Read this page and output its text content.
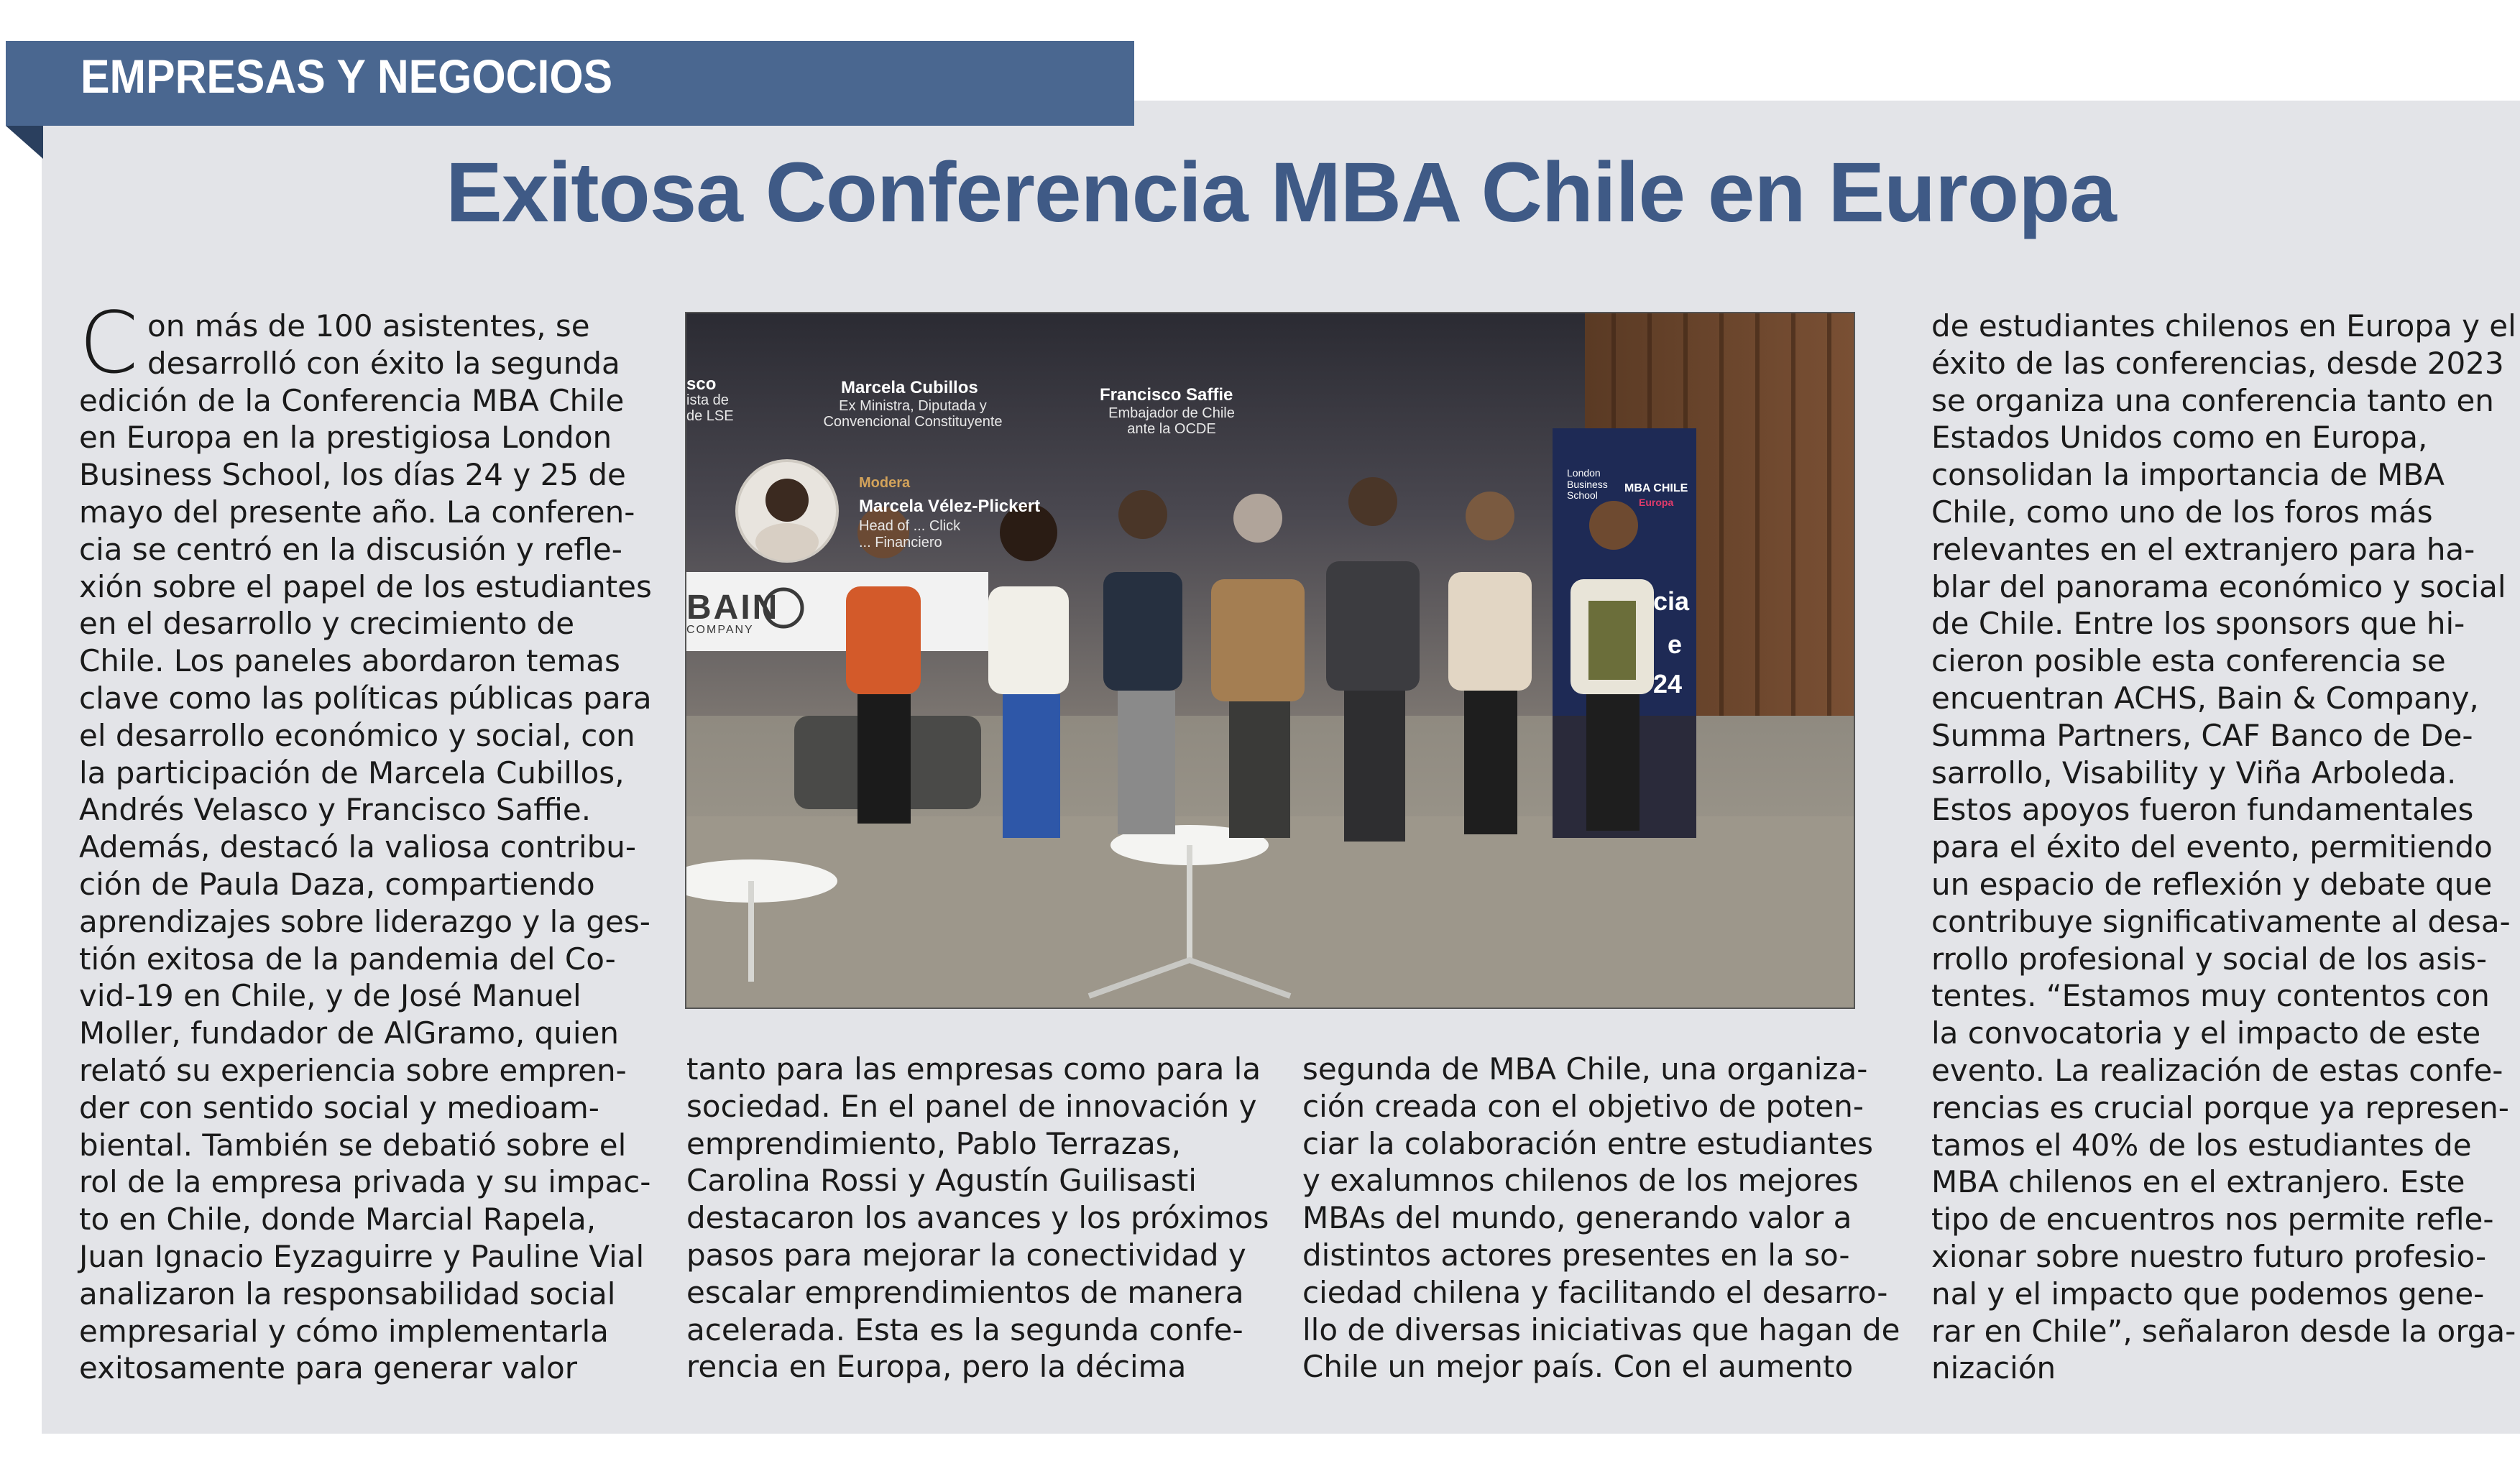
EMPRESAS Y NEGOCIOS
Exitosa Conferencia MBA Chile en Europa
C on más de 100 asistentes, se
desarrolló con éxito la segunda
edición de la Conferencia MBA Chile
en Europa en la prestigiosa London
Business School, los días 24 y 25 de
mayo del presente año. La conferen-
cia se centró en la discusión y refle-
xión sobre el papel de los estudiantes
en el desarrollo y crecimiento de
Chile. Los paneles abordaron temas
clave como las políticas públicas para
el desarrollo económico y social, con
la participación de Marcela Cubillos,
Andrés Velasco y Francisco Saffie.
Además, destacó la valiosa contribu-
ción de Paula Daza, compartiendo
aprendizajes sobre liderazgo y la ges-
tión exitosa de la pandemia del Co-
vid-19 en Chile, y de José Manuel
Moller, fundador de AlGramo, quien
relató su experiencia sobre empren-
der con sentido social y medioam-
biental. También se debatió sobre el
rol de la empresa privada y su impac-
to en Chile, donde Marcial Rapela,
Juan Ignacio Eyzaguirre y Pauline Vial
analizaron la responsabilidad social
empresarial y cómo implementarla
exitosamente para generar valor
tanto para las empresas como para la
sociedad. En el panel de innovación y
emprendimiento, Pablo Terrazas,
Carolina Rossi y Agustín Guilisasti
destacaron los avances y los próximos
pasos para mejorar la conectividad y
escalar emprendimientos de manera
acelerada. Esta es la segunda confe-
rencia en Europa, pero la décima
segunda de MBA Chile, una organiza-
ción creada con el objetivo de poten-
ciar la colaboración entre estudiantes
y exalumnos chilenos de los mejores
MBAs del mundo, generando valor a
distintos actores presentes en la so-
ciedad chilena y facilitando el desarro-
llo de diversas iniciativas que hagan de
Chile un mejor país. Con el aumento
de estudiantes chilenos en Europa y el
éxito de las conferencias, desde 2023
se organiza una conferencia tanto en
Estados Unidos como en Europa,
consolidan la importancia de MBA
Chile, como uno de los foros más
relevantes en el extranjero para ha-
blar del panorama económico y social
de Chile. Entre los sponsors que hi-
cieron posible esta conferencia se
encuentran ACHS, Bain & Company,
Summa Partners, CAF Banco de De-
sarrollo, Visability y Viña Arboleda.
Estos apoyos fueron fundamentales
para el éxito del evento, permitiendo
un espacio de reflexión y debate que
contribuye significativamente al desa-
rrollo profesional y social de los asis-
tentes. “Estamos muy contentos con
la convocatoria y el impacto de este
evento. La realización de estas confe-
rencias es crucial porque ya represen-
tamos el 40% de los estudiantes de
MBA chilenos en el extranjero. Este
tipo de encuentros nos permite refle-
xionar sobre nuestro futuro profesio-
nal y el impacto que podemos gene-
rar en Chile”, señalaron desde la orga-
nización
sco
ista de
de LSE
Marcela Cubillos
Ex Ministra, Diputada y
Convencional Constituyente
Francisco Saffie
Embajador de Chile
ante la OCDE
Modera
Marcela Vélez-Plickert
Head of ... Click
... Financiero
BAIN
COMPANY
London
Business
School
MBA CHILE
Europa
cia
e
24
